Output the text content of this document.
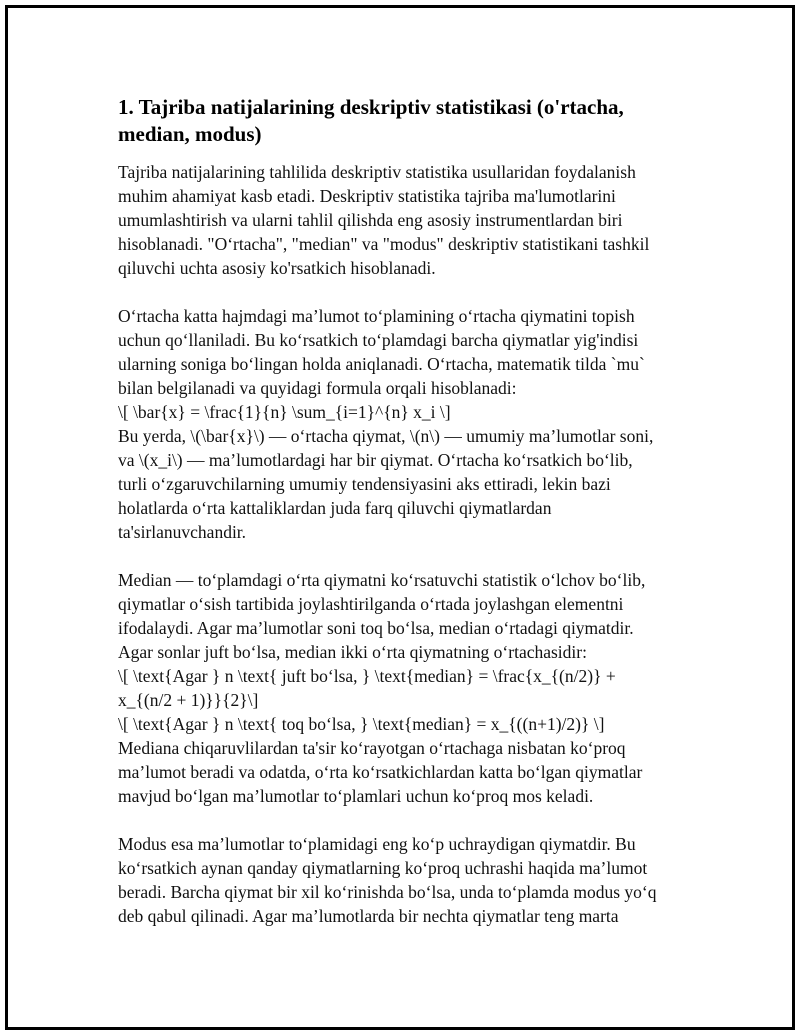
1. Tajriba natijalarining deskriptiv statistikasi (o'rtacha,
median, modus)

Tajriba natijalarining tahlilida deskriptiv statistika usullaridan foydalanish
muhim ahamiyat kasb etadi. Deskriptiv statistika tajriba ma'lumotlarini
umumlashtirish va ularni tahlil qilishda eng asosiy instrumentlardan biri
hisoblanadi. "O‘rtacha", "median" va "modus" deskriptiv statistikani tashkil
qiluvchi uchta asosiy ko'rsatkich hisoblanadi.

O‘rtacha katta hajmdagi ma’lumot to‘plamining o‘rtacha qiymatini topish
uchun qo‘llaniladi. Bu ko‘rsatkich to‘plamdagi barcha qiymatlar yig'indisi
ularning soniga bo‘lingan holda aniqlanadi. O‘rtacha, matematik tilda `mu`
bilan belgilanadi va quyidagi formula orqali hisoblanadi:
\[ \bar{x} = \frac{1}{n} \sum_{i=1}^{n} x_i \]
Bu yerda, \(\bar{x}\) — o‘rtacha qiymat, \(n\) — umumiy ma’lumotlar soni,
va \(x_i\) — ma’lumotlardagi har bir qiymat. O‘rtacha ko‘rsatkich bo‘lib,
turli o‘zgaruvchilarning umumiy tendensiyasini aks ettiradi, lekin bazi
holatlarda o‘rta kattaliklardan juda farq qiluvchi qiymatlardan
ta'sirlanuvchandir.

Median — to‘plamdagi o‘rta qiymatni ko‘rsatuvchi statistik o‘lchov bo‘lib,
qiymatlar o‘sish tartibida joylashtirilganda o‘rtada joylashgan elementni
ifodalaydi. Agar ma’lumotlar soni toq bo‘lsa, median o‘rtadagi qiymatdir.
Agar sonlar juft bo‘lsa, median ikki o‘rta qiymatning o‘rtachasidir:
\[ \text{Agar } n \text{ juft bo‘lsa, } \text{median} = \frac{x_{(n/2)} +
x_{(n/2 + 1)}}{2}\]
\[ \text{Agar } n \text{ toq bo‘lsa, } \text{median} = x_{((n+1)/2)} \]
Mediana chiqaruvlilardan ta'sir ko‘rayotgan o‘rtachaga nisbatan ko‘proq
ma’lumot beradi va odatda, o‘rta ko‘rsatkichlardan katta bo‘lgan qiymatlar
mavjud bo‘lgan ma’lumotlar to‘plamlari uchun ko‘proq mos keladi.

Modus esa ma’lumotlar to‘plamidagi eng ko‘p uchraydigan qiymatdir. Bu
ko‘rsatkich aynan qanday qiymatlarning ko‘proq uchrashi haqida ma’lumot
beradi. Barcha qiymat bir xil ko‘rinishda bo‘lsa, unda to‘plamda modus yo‘q
deb qabul qilinadi. Agar ma’lumotlarda bir nechta qiymatlar teng marta
